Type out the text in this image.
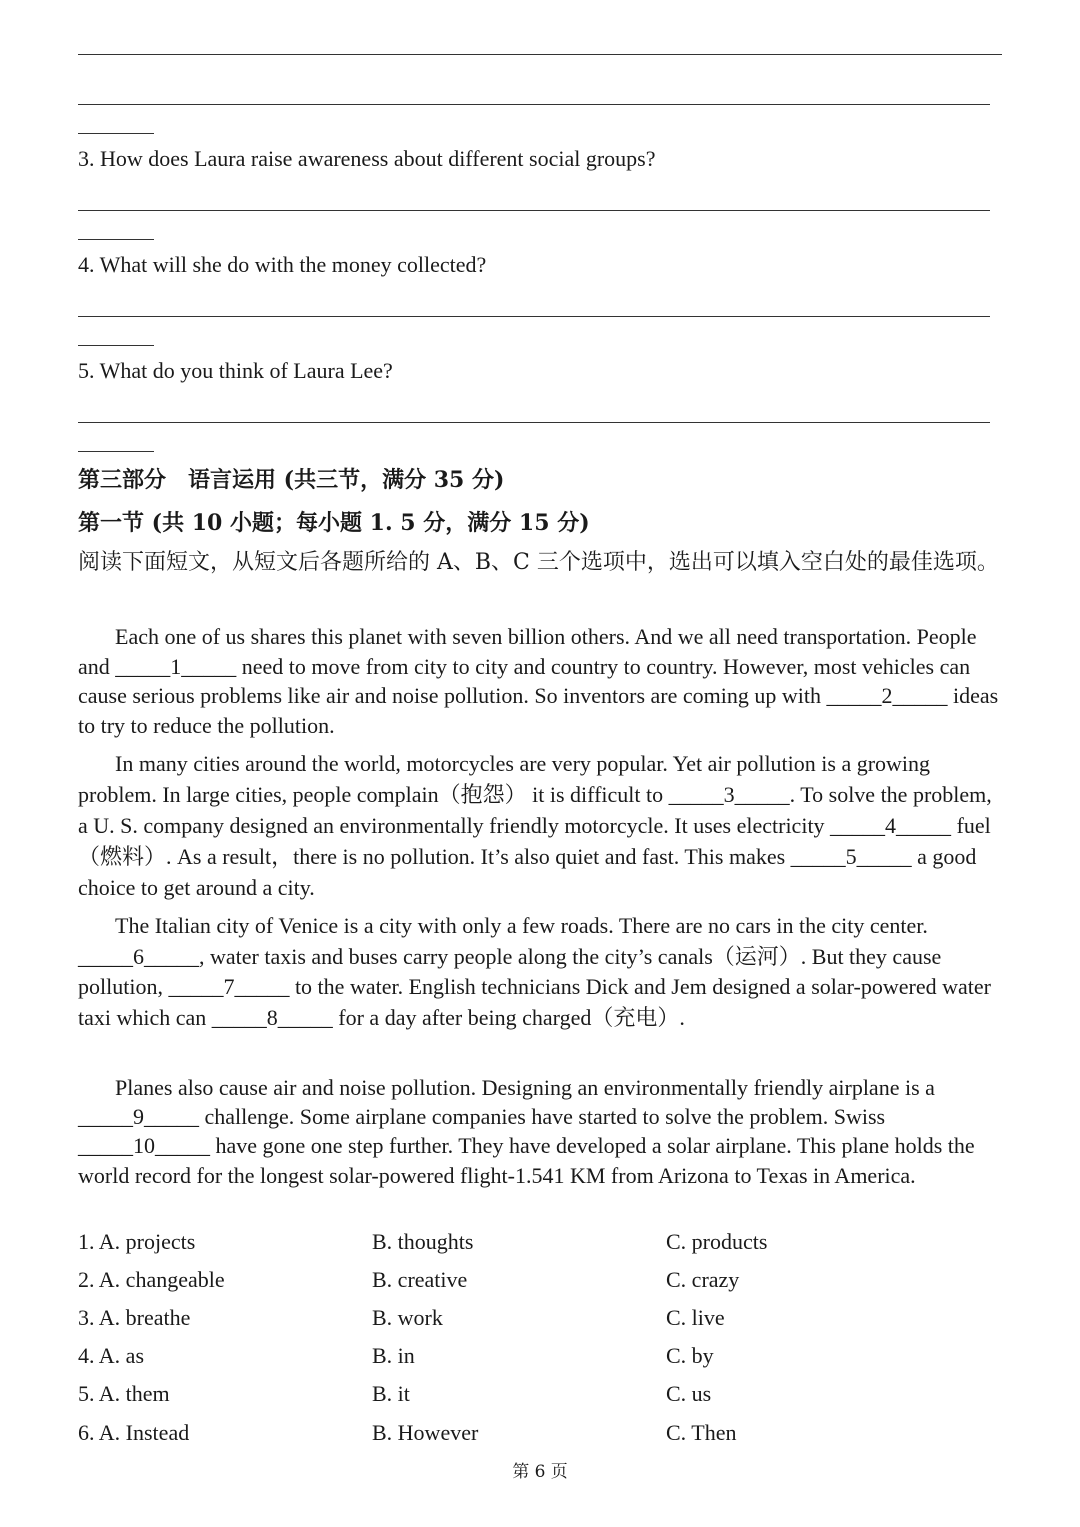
3. How does Laura raise awareness about different social groups?
4. What will she do with the money collected?
5. What do you think of Laura Lee?
第三部分　语言运用 (共三节，满分 35 分)
第一节 (共 10 小题；每小题 1. 5 分，满分 15 分)
阅读下面短文，从短文后各题所给的 A、B、C 三个选项中，选出可以填入空白处的最佳选项。
Each one of us shares this planet with seven billion others. And we all need transportation. People and _____1_____ need to move from city to city and country to country. However, most vehicles can cause serious problems like air and noise pollution. So inventors are coming up with _____2_____ ideas to try to reduce the pollution.
In many cities around the world, motorcycles are very popular. Yet air pollution is a growing problem. In large cities, people complain（抱怨） it is difficult to _____3_____. To solve the problem, a U. S. company designed an environmentally friendly motorcycle. It uses electricity _____4_____ fuel（燃料）. As a result，there is no pollution. It’s also quiet and fast. This makes _____5_____ a good choice to get around a city.
The Italian city of Venice is a city with only a few roads. There are no cars in the city center. _____6_____, water taxis and buses carry people along the city’s canals（运河）. But they cause pollution, _____7_____ to the water. English technicians Dick and Jem designed a solar-powered water taxi which can _____8_____ for a day after being charged（充电）.
Planes also cause air and noise pollution. Designing an environmentally friendly airplane is a _____9_____ challenge. Some airplane companies have started to solve the problem. Swiss _____10_____ have gone one step further. They have developed a solar airplane. This plane holds the world record for the longest solar-powered flight-1.541 KM from Arizona to Texas in America.
1. A. projects	B. thoughts	C. products
2. A. changeable	B. creative	C. crazy
3. A. breathe	B. work	C. live
4. A. as	B. in	C. by
5. A. them	B. it	C. us
6. A. Instead	B. However	C. Then
第 6 页
